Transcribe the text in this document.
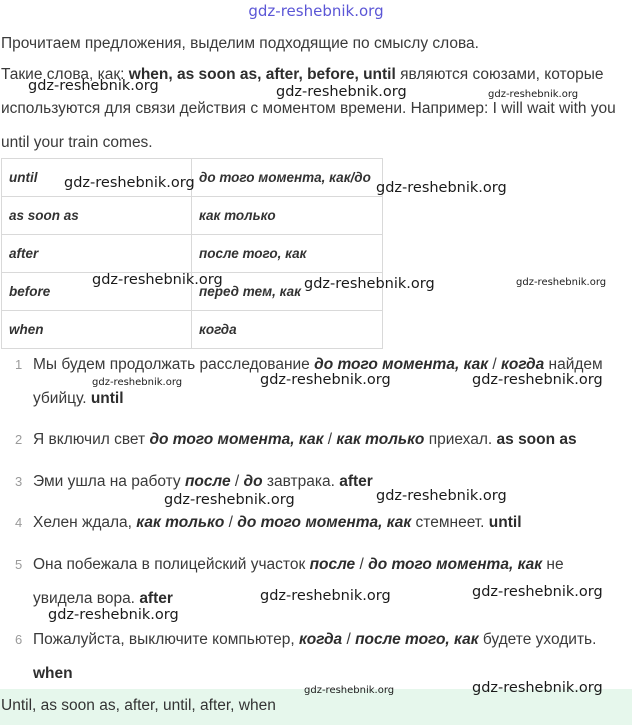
gdz-reshebnik.org
Прочитаем предложения, выделим подходящие по смыслу слова.
Такие слова, как: when, as soon as, after, before, until являются союзами, которые используются для связи действия с моментом времени. Например: I will wait with you until your train comes.
until	до того момента, как/до
as soon as	как только
after	после того, как
before	перед тем, как
when	когда
1 Мы будем продолжать расследование до того момента, как / когда найдем убийцу. until
2 Я включил свет до того момента, как / как только приехал. as soon as
3 Эми ушла на работу после / до завтрака. after
4 Хелен ждала, как только / до того момента, как стемнеет. until
5 Она побежала в полицейский участок после / до того момента, как не увидела вора. after
6 Пожалуйста, выключите компьютер, когда / после того, как будете уходить. when
Until, as soon as, after, until, after, when
gdz-reshebnik.org	gdz-reshebnik.org	gdz-reshebnik.org
gdz-reshebnik.org	gdz-reshebnik.org
gdz-reshebnik.org	gdz-reshebnik.org	gdz-reshebnik.org
gdz-reshebnik.org	gdz-reshebnik.org	gdz-reshebnik.org
gdz-reshebnik.org	gdz-reshebnik.org
gdz-reshebnik.org	gdz-reshebnik.org
gdz-reshebnik.org
gdz-reshebnik.org	gdz-reshebnik.org
